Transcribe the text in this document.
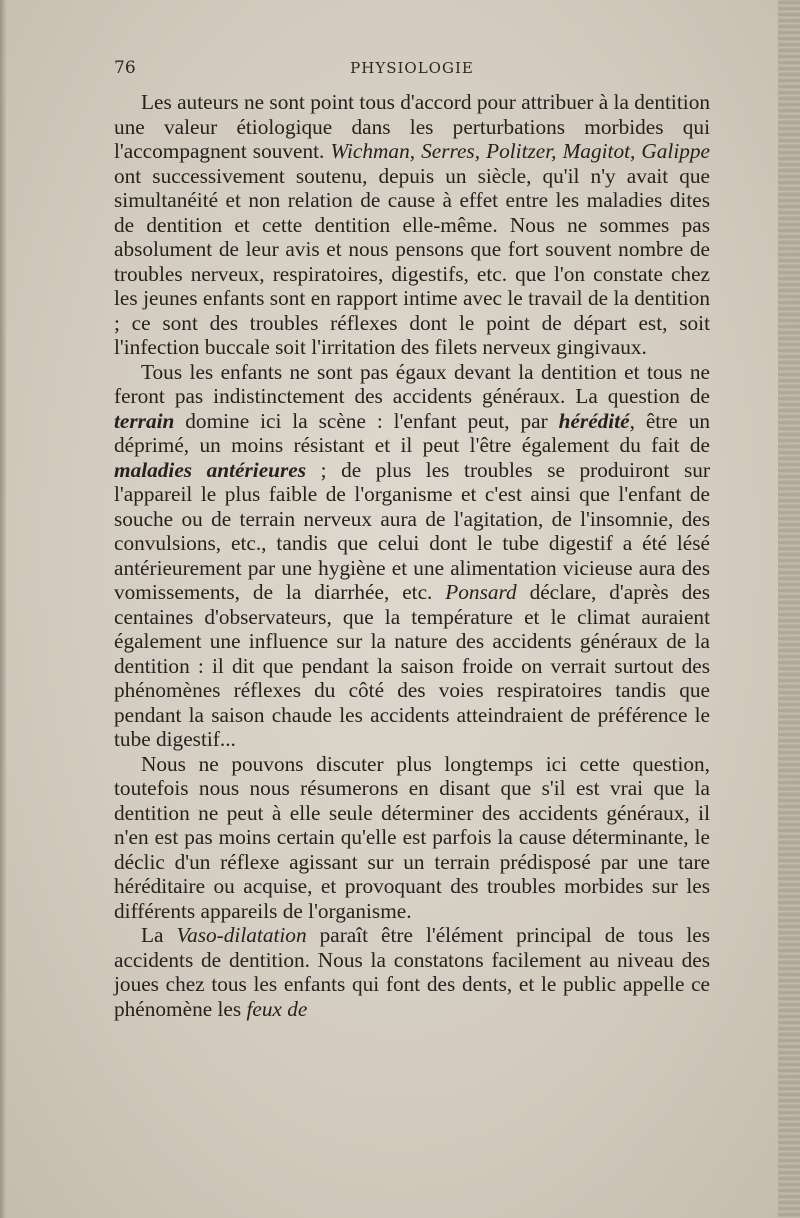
76	PHYSIOLOGIE

Les auteurs ne sont point tous d'accord pour attribuer à la dentition une valeur étiologique dans les perturbations morbides qui l'accompagnent souvent. Wichman, Serres, Politzer, Magitot, Galippe ont successivement soutenu, depuis un siècle, qu'il n'y avait que simultanéité et non relation de cause à effet entre les maladies dites de dentition et cette dentition elle-même. Nous ne sommes pas absolument de leur avis et nous pensons que fort souvent nombre de troubles nerveux, respiratoires, digestifs, etc. que l'on constate chez les jeunes enfants sont en rapport intime avec le travail de la dentition ; ce sont des troubles réflexes dont le point de départ est, soit l'infection buccale soit l'irritation des filets nerveux gingivaux.

Tous les enfants ne sont pas égaux devant la dentition et tous ne feront pas indistinctement des accidents généraux. La question de terrain domine ici la scène : l'enfant peut, par hérédité, être un déprimé, un moins résistant et il peut l'être également du fait de maladies antérieures ; de plus les troubles se produiront sur l'appareil le plus faible de l'organisme et c'est ainsi que l'enfant de souche ou de terrain nerveux aura de l'agitation, de l'insomnie, des convulsions, etc., tandis que celui dont le tube digestif a été lésé antérieurement par une hygiène et une alimentation vicieuse aura des vomissements, de la diarrhée, etc. Ponsard déclare, d'après des centaines d'observateurs, que la température et le climat auraient également une influence sur la nature des accidents généraux de la dentition : il dit que pendant la saison froide on verrait surtout des phénomènes réflexes du côté des voies respiratoires tandis que pendant la saison chaude les accidents atteindraient de préférence le tube digestif...

Nous ne pouvons discuter plus longtemps ici cette question, toutefois nous nous résumerons en disant que s'il est vrai que la dentition ne peut à elle seule déterminer des accidents généraux, il n'en est pas moins certain qu'elle est parfois la cause déterminante, le déclic d'un réflexe agissant sur un terrain prédisposé par une tare héréditaire ou acquise, et provoquant des troubles morbides sur les différents appareils de l'organisme.

La Vaso-dilatation paraît être l'élément principal de tous les accidents de dentition. Nous la constatons facilement au niveau des joues chez tous les enfants qui font des dents, et le public appelle ce phénomène les feux de
